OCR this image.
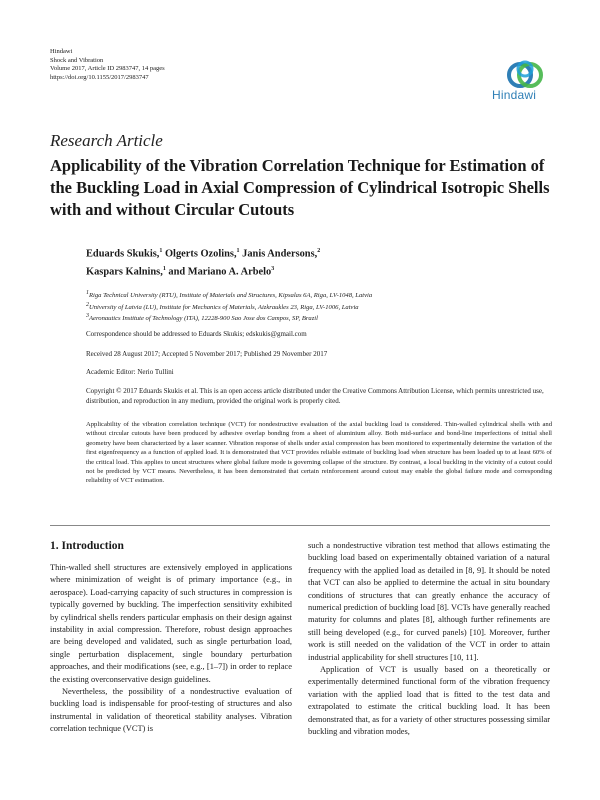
Hindawi
Shock and Vibration
Volume 2017, Article ID 2983747, 14 pages
https://doi.org/10.1155/2017/2983747
Hindawi
Research Article
Applicability of the Vibration Correlation Technique for Estimation of the Buckling Load in Axial Compression of Cylindrical Isotropic Shells with and without Circular Cutouts
Eduards Skukis,$^1$ Olgerts Ozolins,$^1$ Janis Andersons,$^2$
Kaspars Kalnins,$^1$ and Mariano A. Arbelo$^3$
$^1$Riga Technical University (RTU), Institute of Materials and Structures, Kipsalas 6A, Riga, LV-1048, Latvia
$^2$University of Latvia (LU), Institute for Mechanics of Materials, Aizkraukles 23, Riga, LV-1006, Latvia
$^3$Aeronautics Institute of Technology (ITA), 12228-900 Sao Jose dos Campos, SP, Brazil
Correspondence should be addressed to Eduards Skukis; edskukis@gmail.com
Received 28 August 2017; Accepted 5 November 2017; Published 29 November 2017
Academic Editor: Nerio Tullini
Copyright © 2017 Eduards Skukis et al. This is an open access article distributed under the Creative Commons Attribution License, which permits unrestricted use, distribution, and reproduction in any medium, provided the original work is properly cited.
Applicability of the vibration correlation technique (VCT) for nondestructive evaluation of the axial buckling load is considered. Thin-walled cylindrical shells with and without circular cutouts have been produced by adhesive overlap bonding from a sheet of aluminium alloy. Both mid-surface and bond-line imperfections of initial shell geometry have been characterized by a laser scanner. Vibration response of shells under axial compression has been monitored to experimentally determine the variation of the first eigenfrequency as a function of applied load. It is demonstrated that VCT provides reliable estimate of buckling load when structure has been loaded up to at least 60% of the critical load. This applies to uncut structures where global failure mode is governing collapse of the structure. By contrast, a local buckling in the vicinity of a cutout could not be predicted by VCT means. Nevertheless, it has been demonstrated that certain reinforcement around cutout may enable the global failure mode and corresponding reliability of VCT estimation.
1. Introduction

Thin-walled shell structures are extensively employed in applications where minimization of weight is of primary importance (e.g., in aerospace). Load-carrying capacity of such structures in compression is typically governed by buckling. The imperfection sensitivity exhibited by cylindrical shells renders particular emphasis on their design against instability in axial compression. Therefore, robust design approaches are being developed and validated, such as single perturbation load, single perturbation displacement, single boundary perturbation approaches, and their modifications (see, e.g., [1–7]) in order to replace the existing overconservative design guidelines.

Nevertheless, the possibility of a nondestructive evaluation of buckling load is indispensable for proof-testing of structures and also instrumental in validation of theoretical stability analyses. Vibration correlation technique (VCT) is

such a nondestructive vibration test method that allows estimating the buckling load based on experimentally obtained variation of a natural frequency with the applied load as detailed in [8, 9]. It should be noted that VCT can also be applied to determine the actual in situ boundary conditions of structures that can greatly enhance the accuracy of numerical prediction of buckling load [8]. VCTs have generally reached maturity for columns and plates [8], although further refinements are still being developed (e.g., for curved panels) [10]. Moreover, further work is still needed on the validation of the VCT in order to attain industrial applicability for shell structures [10, 11].

Application of VCT is usually based on a theoretically or experimentally determined functional form of the vibration frequency variation with the applied load that is fitted to the test data and extrapolated to estimate the critical buckling load. It has been demonstrated that, as for a variety of other structures possessing similar buckling and vibration modes,
